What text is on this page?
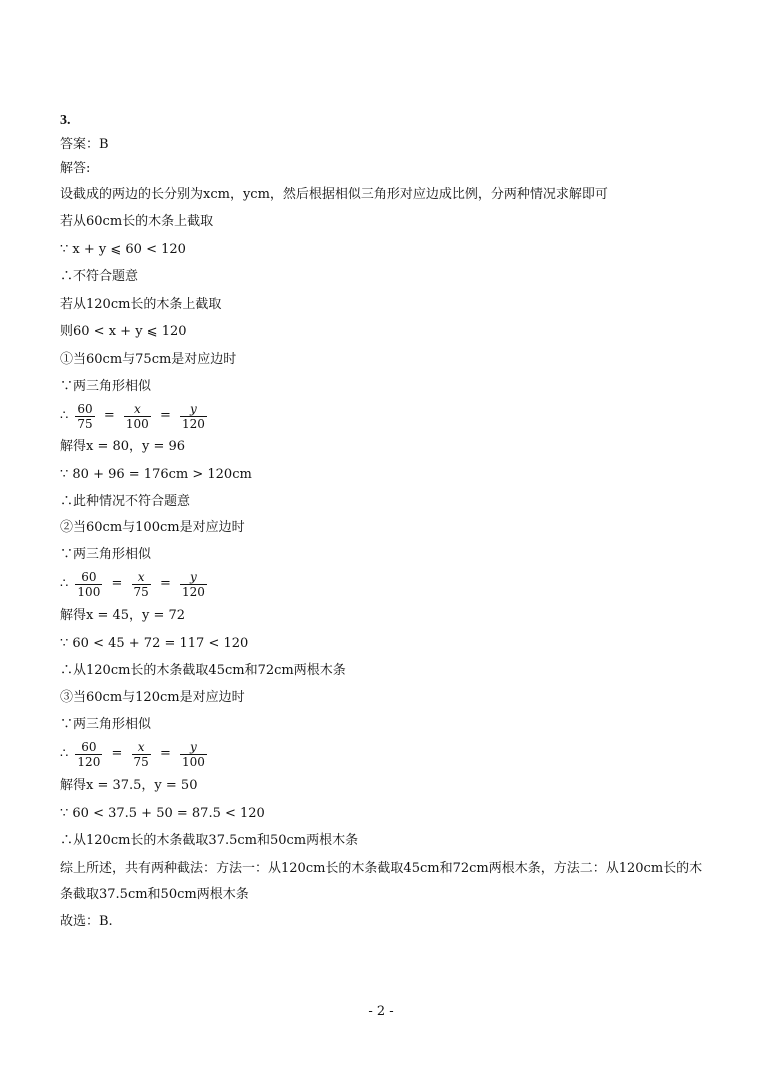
3.
答案：B
解答:
设截成的两边的长分别为xcm，ycm，然后根据相似三角形对应边成比例，分两种情况求解即可
若从60cm长的木条上截取
∵ x + y ⩽ 60 < 120
∴不符合题意
若从120cm长的木条上截取
则60 < x + y ⩽ 120
①当60cm与75cm是对应边时
∵两三角形相似
∴ $\frac{60}{75} = \frac{x}{100} = \frac{y}{120}$
解得x = 80，y = 96
∵ 80 + 96 = 176cm > 120cm
∴此种情况不符合题意
②当60cm与100cm是对应边时
∵两三角形相似
∴ $\frac{60}{100} = \frac{x}{75} = \frac{y}{120}$
解得x = 45，y = 72
∵ 60 < 45 + 72 = 117 < 120
∴从120cm长的木条截取45cm和72cm两根木条
③当60cm与120cm是对应边时
∵两三角形相似
∴ $\frac{60}{120} = \frac{x}{75} = \frac{y}{100}$
解得x = 37.5，y = 50
∵ 60 < 37.5 + 50 = 87.5 < 120
∴从120cm长的木条截取37.5cm和50cm两根木条
综上所述，共有两种截法：方法一：从120cm长的木条截取45cm和72cm两根木条，方法二：从120cm长的木
条截取37.5cm和50cm两根木条
故选：B.
- 2 -
